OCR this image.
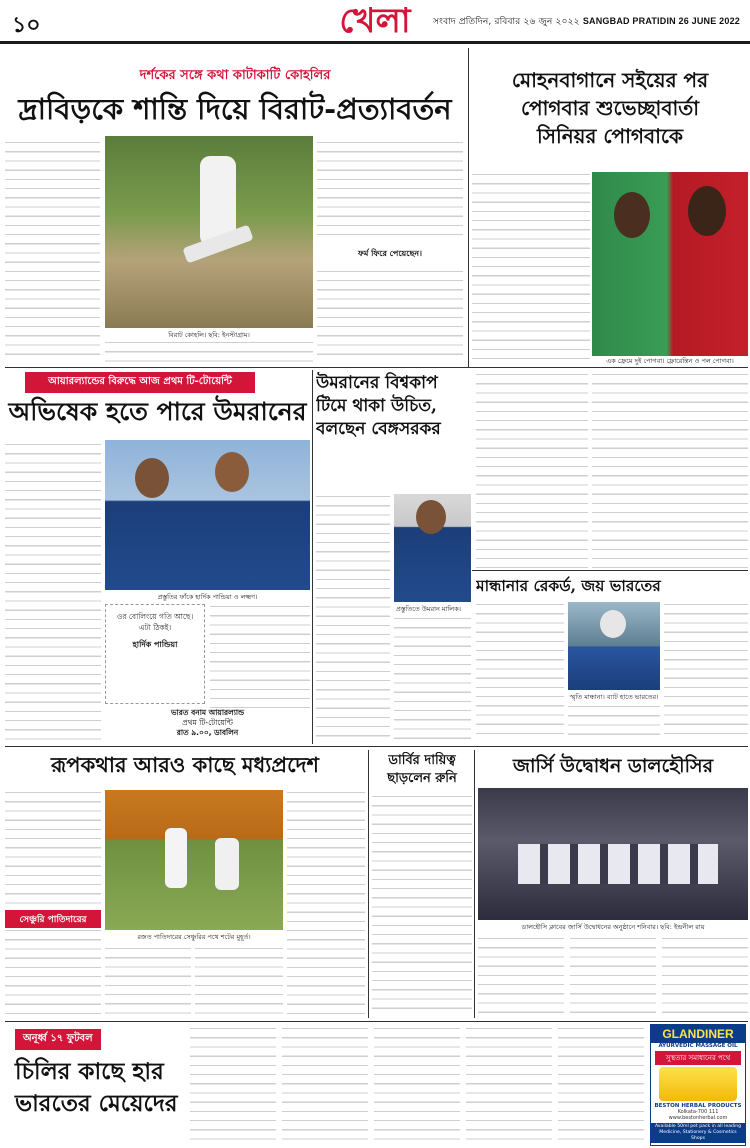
১০	খেলা	সংবাদ প্রতিদিন, রবিবার ২৬ জুন ২০২২ SANGBAD PRATIDIN 26 JUNE 2022
দর্শকের সঙ্গে কথা কাটাকাটি কোহলির
দ্রাবিড়কে শান্তি দিয়ে বিরাট-প্রত্যাবর্তন
বিরাট কোহলি। ছবি: ইনস্টাগ্রাম।
ফর্ম ফিরে পেয়েছেন।
মোহনবাগানে সইয়ের পর
পোগবার শুভেচ্ছাবার্তা
সিনিয়র পোগবাকে
এক ফ্রেমে দুই পোগবা। ফ্লোরেন্তিন ও পল পোগবা।
আয়ারল্যান্ডের বিরুদ্ধে আজ প্রথম টি-টোয়েন্টি
অভিষেক হতে পারে উমরানের
প্রস্তুতির ফাঁকে হার্দিক পান্ডিয়া ও লক্ষ্মণ।
ওর বোলিংয়ে গতি আছে। এটা ঠিকই।
হার্দিক পান্ডিয়া
ভারত বনাম আয়ারল্যান্ড
প্রথম টি-টোয়েন্টি
রাত ৯.০০, ডাবলিন
উমরানের বিশ্বকাপ
টিমে থাকা উচিত,
বলছেন বেঙ্গসরকর
প্রস্তুতিতে উমরান মালিক।
মান্ধানার রেকর্ড, জয় ভারতের
স্মৃতি মান্ধানা। ব্যাট হাতে ভারতের।
রূপকথার আরও কাছে মধ্যপ্রদেশ
সেঞ্চুরি পাতিদারের
রজত পাতিদারের সেঞ্চুরির পথে শটের মুহূর্ত।
ডার্বির দায়িত্ব
ছাড়লেন রুনি
জার্সি উদ্বোধন ডালহৌসির
ডালহৌসি ক্লাবের জার্সি উদ্বোধনের অনুষ্ঠানে শনিবার। ছবি: ইন্দ্রনীল রায়
অনূর্ধ্ব ১৭ ফুটবল
চিলির কাছে হার
ভারতের মেয়েদের
GLANDINER
AYURVEDIC MASSAGE OIL
সুস্থতার সমাধানের পথে
BESTON HERBAL PRODUCTS
Kolkata-700 111
www.bestonherbal.com
Available 50ml pet pack in all leading Medicine, Stationery & Cosmetics Shops
